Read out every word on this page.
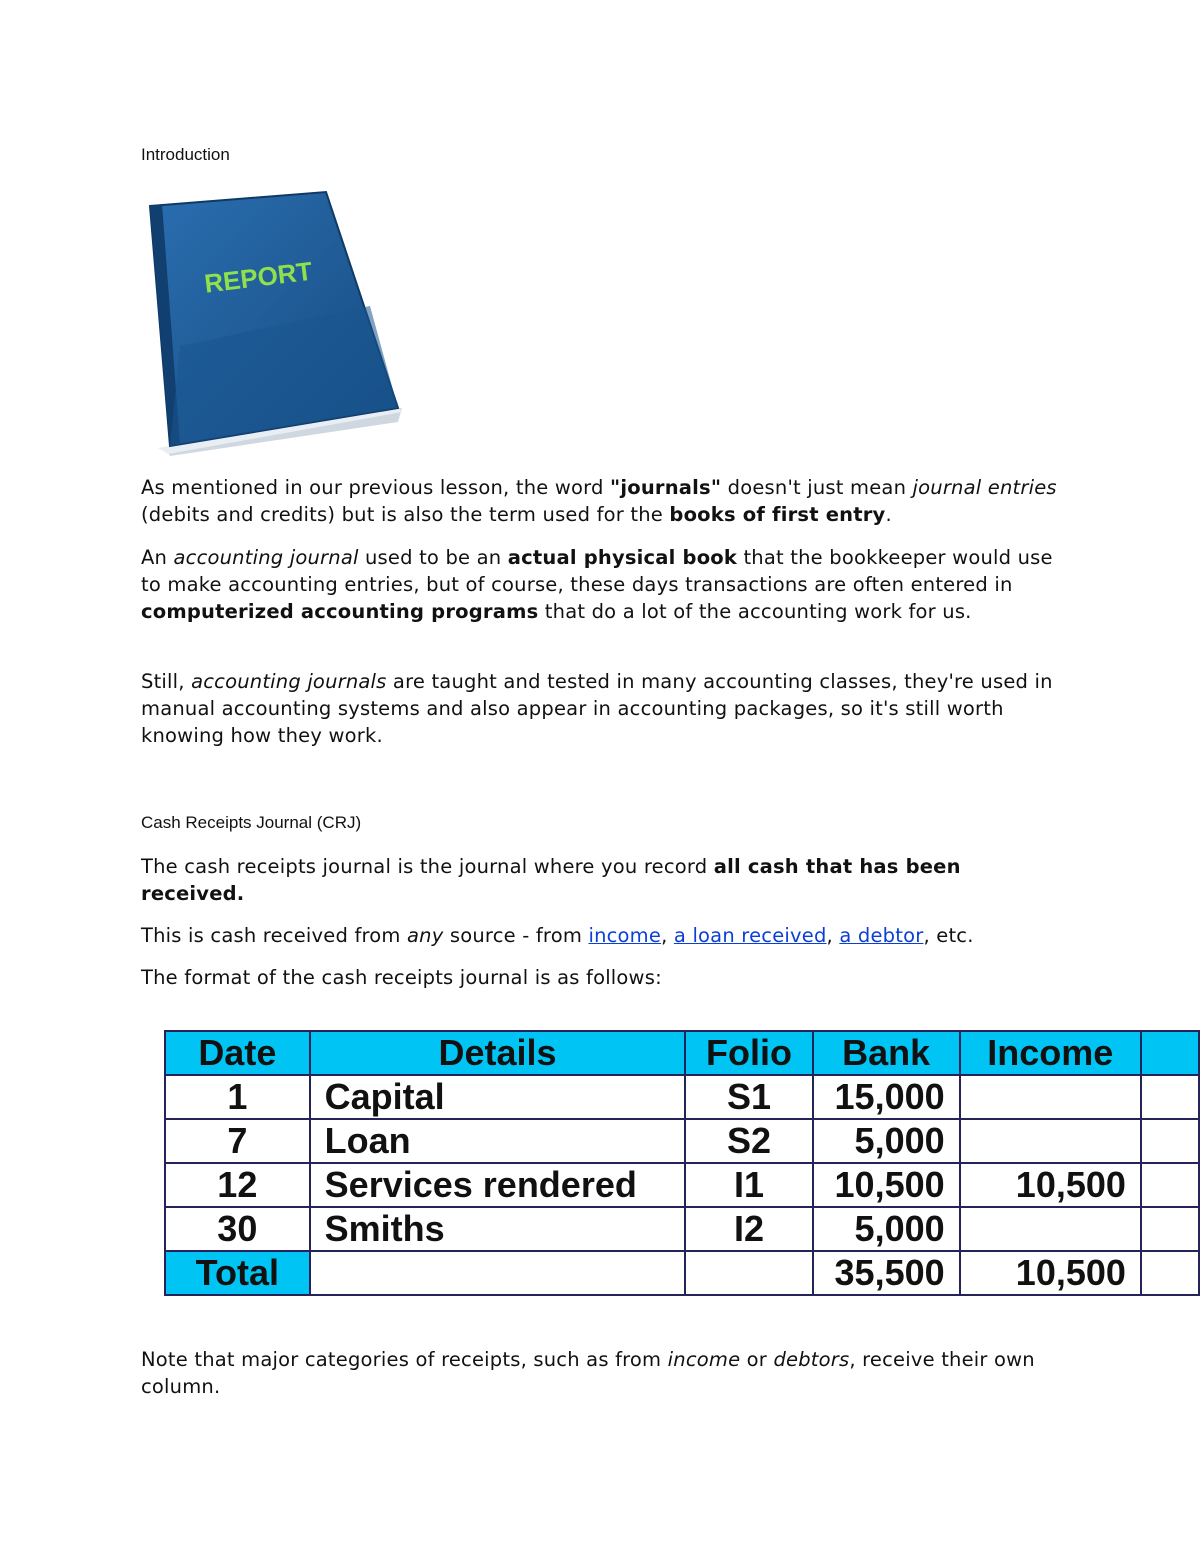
Introduction
REPORT

As mentioned in our previous lesson, the word "journals" doesn't just mean journal entries (debits and credits) but is also the term used for the books of first entry.

An accounting journal used to be an actual physical book that the bookkeeper would use to make accounting entries, but of course, these days transactions are often entered in computerized accounting programs that do a lot of the accounting work for us.

Still, accounting journals are taught and tested in many accounting classes, they're used in manual accounting systems and also appear in accounting packages, so it's still worth knowing how they work.

Cash Receipts Journal (CRJ)

The cash receipts journal is the journal where you record all cash that has been received.

This is cash received from any source - from income, a loan received, a debtor, etc.

The format of the cash receipts journal is as follows:

Date	Details	Folio	Bank	Income	
1	Capital	S1	15,000		
7	Loan	S2	5,000		
12	Services rendered	I1	10,500	10,500	
30	Smiths	I2	5,000		
Total			35,500	10,500	

Note that major categories of receipts, such as from income or debtors, receive their own column.
